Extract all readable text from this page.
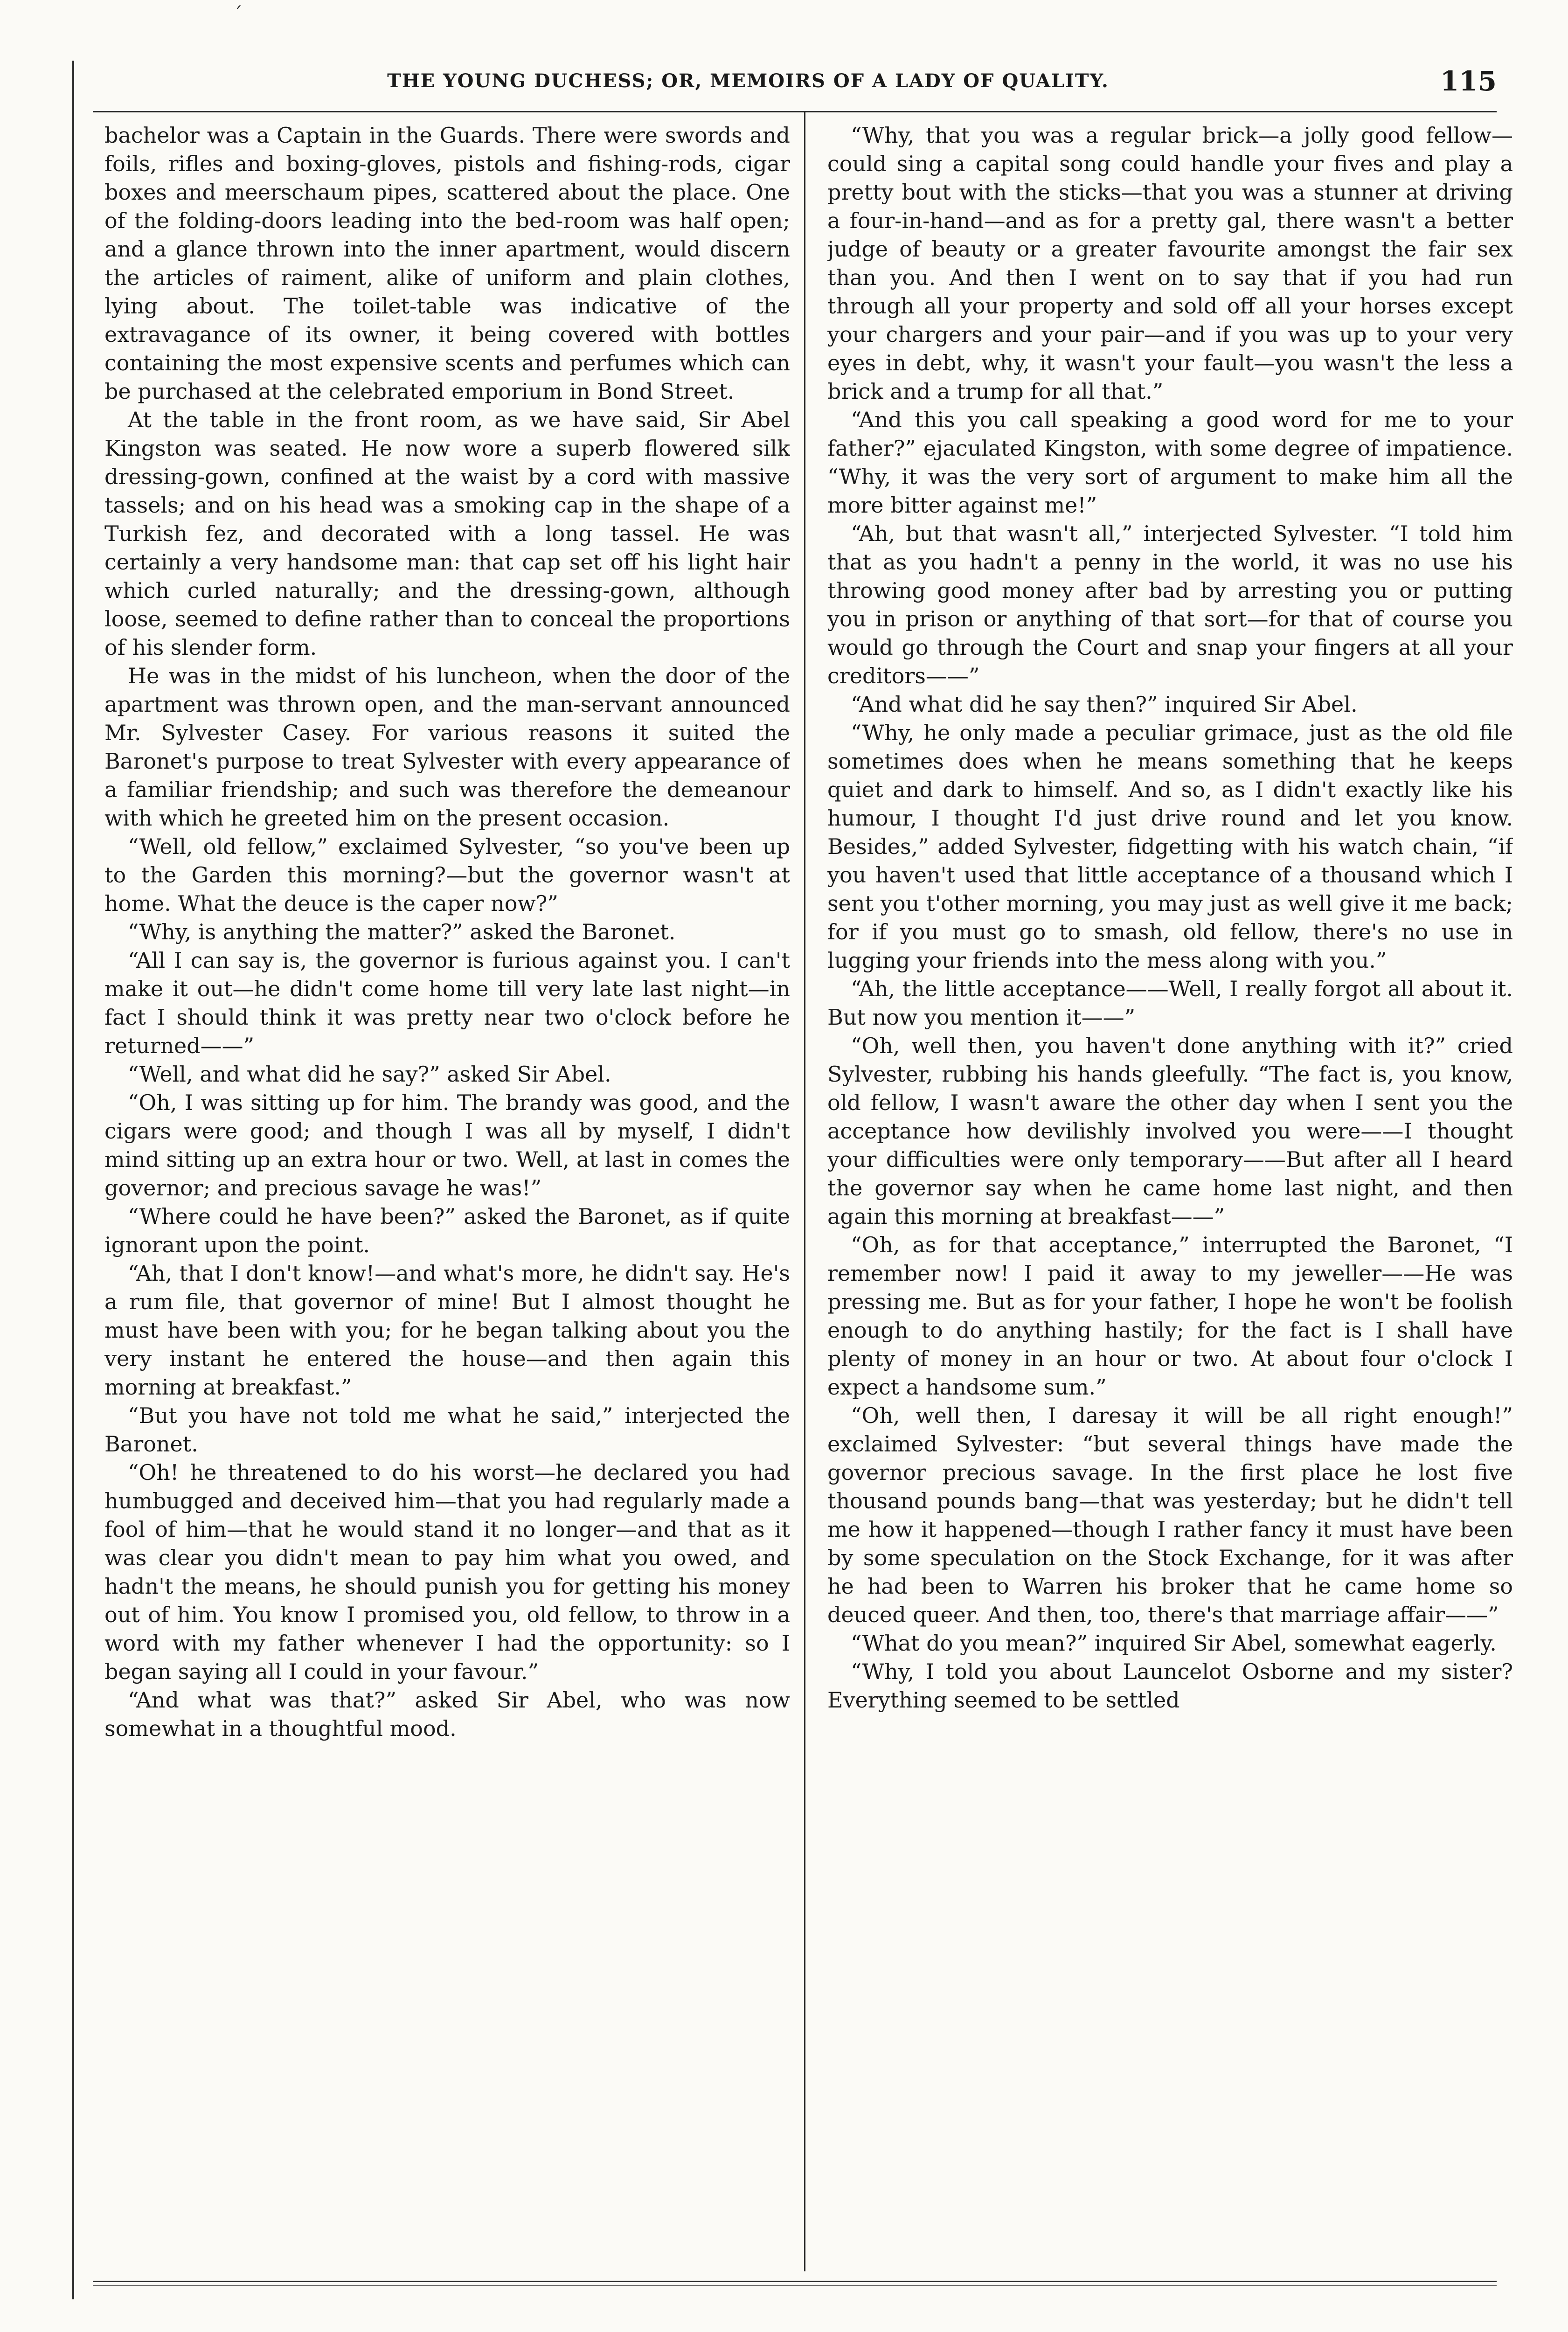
ˊ
THE YOUNG DUCHESS; OR, MEMOIRS OF A LADY OF QUALITY.	115

bachelor was a Captain in the Guards. There were swords and foils, rifles and boxing-gloves, pistols and fishing-rods, cigar boxes and meerschaum pipes, scattered about the place. One of the folding-doors leading into the bed-room was half open; and a glance thrown into the inner apartment, would discern the articles of raiment, alike of uniform and plain clothes, lying about. The toilet-table was indicative of the extravagance of its owner, it being covered with bottles containing the most expensive scents and perfumes which can be purchased at the celebrated emporium in Bond Street.

At the table in the front room, as we have said, Sir Abel Kingston was seated. He now wore a superb flowered silk dressing-gown, confined at the waist by a cord with massive tassels; and on his head was a smoking cap in the shape of a Turkish fez, and decorated with a long tassel. He was certainly a very handsome man: that cap set off his light hair which curled naturally; and the dressing-gown, although loose, seemed to define rather than to conceal the proportions of his slender form.

He was in the midst of his luncheon, when the door of the apartment was thrown open, and the man-servant announced Mr. Sylvester Casey. For various reasons it suited the Baronet's purpose to treat Sylvester with every appearance of a familiar friendship; and such was therefore the demeanour with which he greeted him on the present occasion.

“Well, old fellow,” exclaimed Sylvester, “so you've been up to the Garden this morning?—but the governor wasn't at home. What the deuce is the caper now?”

“Why, is anything the matter?” asked the Baronet.

“All I can say is, the governor is furious against you. I can't make it out—he didn't come home till very late last night—in fact I should think it was pretty near two o'clock before he returned——”

“Well, and what did he say?” asked Sir Abel.

“Oh, I was sitting up for him. The brandy was good, and the cigars were good; and though I was all by myself, I didn't mind sitting up an extra hour or two. Well, at last in comes the governor; and precious savage he was!”

“Where could he have been?” asked the Baronet, as if quite ignorant upon the point.

“Ah, that I don't know!—and what's more, he didn't say. He's a rum file, that governor of mine! But I almost thought he must have been with you; for he began talking about you the very instant he entered the house—and then again this morning at breakfast.”

“But you have not told me what he said,” interjected the Baronet.

“Oh! he threatened to do his worst—he declared you had humbugged and deceived him—that you had regularly made a fool of him—that he would stand it no longer—and that as it was clear you didn't mean to pay him what you owed, and hadn't the means, he should punish you for getting his money out of him. You know I promised you, old fellow, to throw in a word with my father whenever I had the opportunity: so I began saying all I could in your favour.”

“And what was that?” asked Sir Abel, who was now somewhat in a thoughtful mood.

“Why, that you was a regular brick—a jolly good fellow—could sing a capital song could handle your fives and play a pretty bout with the sticks—that you was a stunner at driving a four-in-hand—and as for a pretty gal, there wasn't a better judge of beauty or a greater favourite amongst the fair sex than you. And then I went on to say that if you had run through all your property and sold off all your horses except your chargers and your pair—and if you was up to your very eyes in debt, why, it wasn't your fault—you wasn't the less a brick and a trump for all that.”

“And this you call speaking a good word for me to your father?” ejaculated Kingston, with some degree of impatience. “Why, it was the very sort of argument to make him all the more bitter against me!”

“Ah, but that wasn't all,” interjected Sylvester. “I told him that as you hadn't a penny in the world, it was no use his throwing good money after bad by arresting you or putting you in prison or anything of that sort—for that of course you would go through the Court and snap your fingers at all your creditors——”

“And what did he say then?” inquired Sir Abel.

“Why, he only made a peculiar grimace, just as the old file sometimes does when he means something that he keeps quiet and dark to himself. And so, as I didn't exactly like his humour, I thought I'd just drive round and let you know. Besides,” added Sylvester, fidgetting with his watch chain, “if you haven't used that little acceptance of a thousand which I sent you t'other morning, you may just as well give it me back; for if you must go to smash, old fellow, there's no use in lugging your friends into the mess along with you.”

“Ah, the little acceptance——Well, I really forgot all about it. But now you mention it——”

“Oh, well then, you haven't done anything with it?” cried Sylvester, rubbing his hands gleefully. “The fact is, you know, old fellow, I wasn't aware the other day when I sent you the acceptance how devilishly involved you were——I thought your difficulties were only temporary——But after all I heard the governor say when he came home last night, and then again this morning at breakfast——”

“Oh, as for that acceptance,” interrupted the Baronet, “I remember now! I paid it away to my jeweller——He was pressing me. But as for your father, I hope he won't be foolish enough to do anything hastily; for the fact is I shall have plenty of money in an hour or two. At about four o'clock I expect a handsome sum.”

“Oh, well then, I daresay it will be all right enough!” exclaimed Sylvester: “but several things have made the governor precious savage. In the first place he lost five thousand pounds bang—that was yesterday; but he didn't tell me how it happened—though I rather fancy it must have been by some speculation on the Stock Exchange, for it was after he had been to Warren his broker that he came home so deuced queer. And then, too, there's that marriage affair——”

“What do you mean?” inquired Sir Abel, somewhat eagerly.

“Why, I told you about Launcelot Osborne and my sister? Everything seemed to be settled
